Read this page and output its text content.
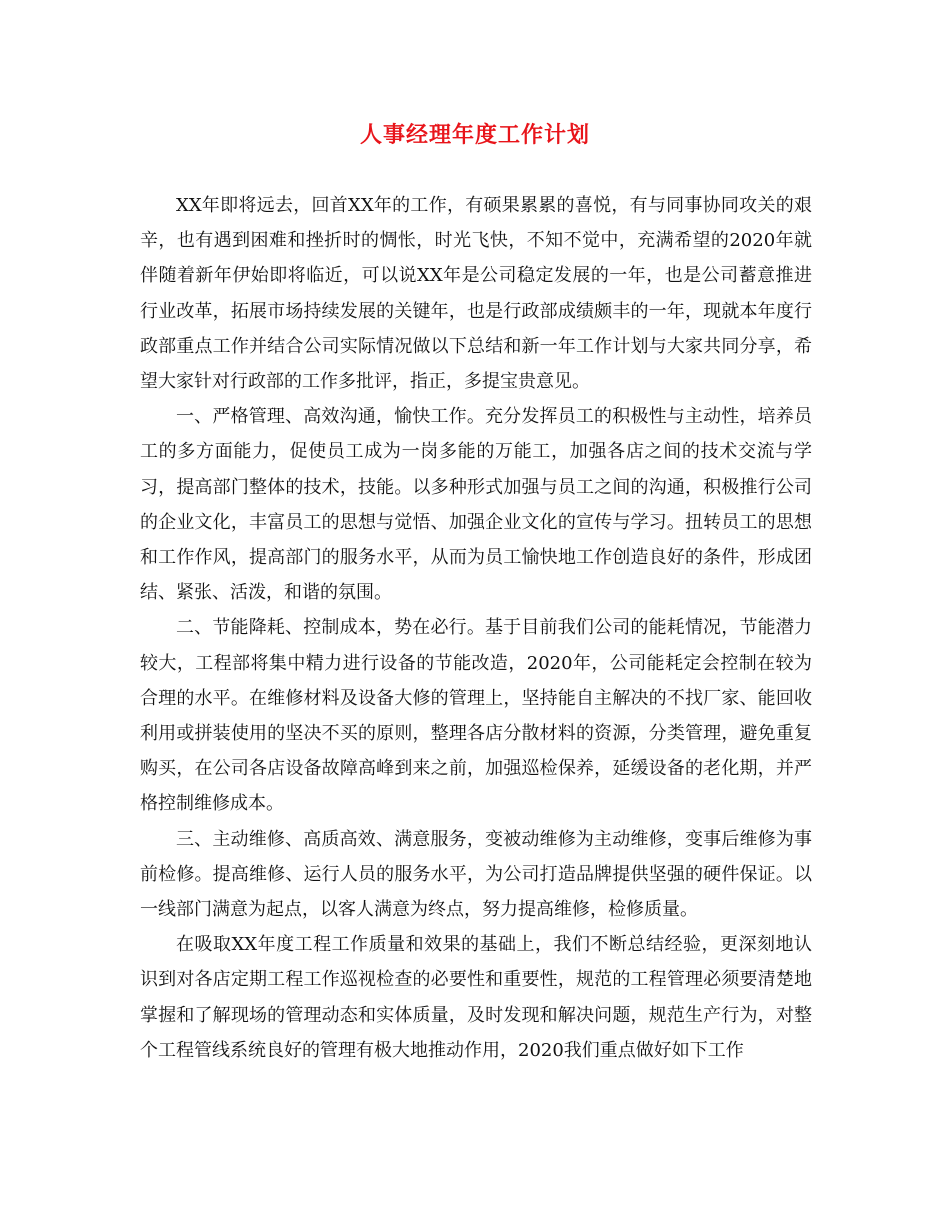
人事经理年度工作计划

XX年即将远去，回首XX年的工作，有硕果累累的喜悦，有与同事协同攻关的艰辛，也有遇到困难和挫折时的惆怅，时光飞快，不知不觉中，充满希望的2020年就伴随着新年伊始即将临近，可以说XX年是公司稳定发展的一年，也是公司蓄意推进行业改革，拓展市场持续发展的关键年，也是行政部成绩颇丰的一年，现就本年度行政部重点工作并结合公司实际情况做以下总结和新一年工作计划与大家共同分享，希望大家针对行政部的工作多批评，指正，多提宝贵意见。

一、严格管理、高效沟通，愉快工作。充分发挥员工的积极性与主动性，培养员工的多方面能力，促使员工成为一岗多能的万能工，加强各店之间的技术交流与学习，提高部门整体的技术，技能。以多种形式加强与员工之间的沟通，积极推行公司的企业文化，丰富员工的思想与觉悟、加强企业文化的宣传与学习。扭转员工的思想和工作作风，提高部门的服务水平，从而为员工愉快地工作创造良好的条件，形成团结、紧张、活泼，和谐的氛围。

二、节能降耗、控制成本，势在必行。基于目前我们公司的能耗情况，节能潜力较大，工程部将集中精力进行设备的节能改造，2020年，公司能耗定会控制在较为合理的水平。在维修材料及设备大修的管理上，坚持能自主解决的不找厂家、能回收利用或拼装使用的坚决不买的原则，整理各店分散材料的资源，分类管理，避免重复购买，在公司各店设备故障高峰到来之前，加强巡检保养，延缓设备的老化期，并严格控制维修成本。

三、主动维修、高质高效、满意服务，变被动维修为主动维修，变事后维修为事前检修。提高维修、运行人员的服务水平，为公司打造品牌提供坚强的硬件保证。以一线部门满意为起点，以客人满意为终点，努力提高维修，检修质量。

在吸取XX年度工程工作质量和效果的基础上，我们不断总结经验，更深刻地认识到对各店定期工程工作巡视检查的必要性和重要性，规范的工程管理必须要清楚地掌握和了解现场的管理动态和实体质量，及时发现和解决问题，规范生产行为，对整个工程管线系统良好的管理有极大地推动作用，2020我们重点做好如下工作
